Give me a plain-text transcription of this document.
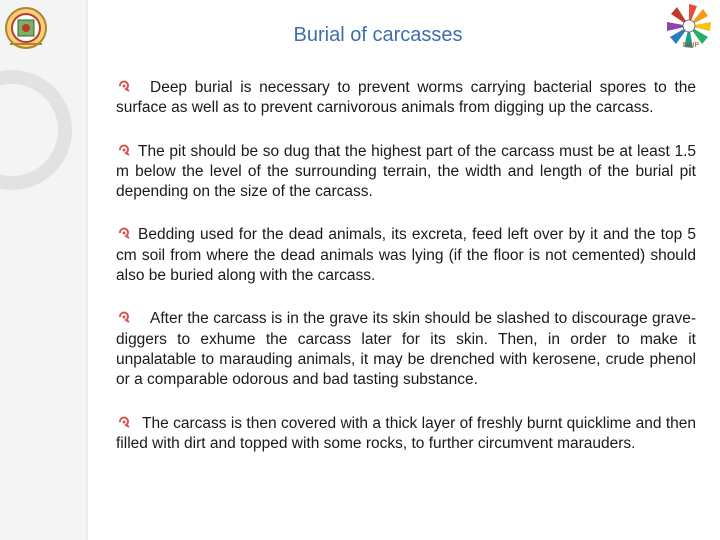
NAIP
Burial of carcasses
Deep burial is necessary to prevent worms carrying bacterial spores to the surface as well as to prevent carnivorous animals from digging up the carcass.
The pit should be so dug that the highest part of the carcass must be at least 1.5 m below the level of the surrounding terrain, the width and length of the burial pit depending on the size of the carcass.
Bedding used for the dead animals, its excreta, feed left over by it and the top 5 cm soil from where the dead animals was lying (if the floor is not cemented) should also be buried along with the carcass.
After the carcass is in the grave its skin should be slashed to discourage grave-diggers to exhume the carcass later for its skin. Then, in order to make it unpalatable to marauding animals, it may be drenched with kerosene, crude phenol or a comparable odorous and bad tasting substance.
The carcass is then covered with a thick layer of freshly burnt quicklime and then filled with dirt and topped with some rocks, to further circumvent marauders.
